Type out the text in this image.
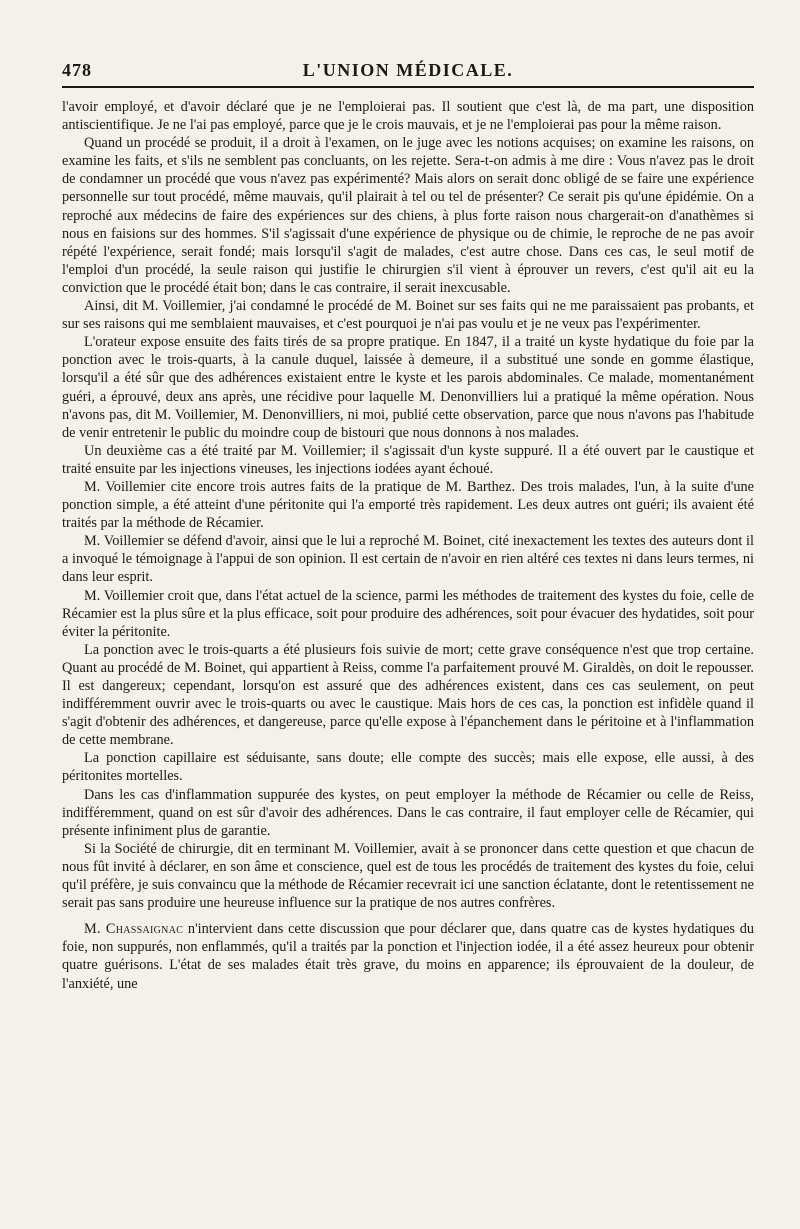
478	L'UNION MÉDICALE.

l'avoir employé, et d'avoir déclaré que je ne l'emploierai pas. Il soutient que c'est là, de ma part, une disposition antiscientifique. Je ne l'ai pas employé, parce que je le crois mauvais, et je ne l'emploierai pas pour la même raison.

Quand un procédé se produit, il a droit à l'examen, on le juge avec les notions acquises; on examine les raisons, on examine les faits, et s'ils ne semblent pas concluants, on les rejette. Sera-t-on admis à me dire : Vous n'avez pas le droit de condamner un procédé que vous n'avez pas expérimenté? Mais alors on serait donc obligé de se faire une expérience personnelle sur tout procédé, même mauvais, qu'il plairait à tel ou tel de présenter? Ce serait pis qu'une épidémie. On a reproché aux médecins de faire des expériences sur des chiens, à plus forte raison nous chargerait-on d'anathèmes si nous en faisions sur des hommes. S'il s'agissait d'une expérience de physique ou de chimie, le reproche de ne pas avoir répété l'expérience, serait fondé; mais lorsqu'il s'agit de malades, c'est autre chose. Dans ces cas, le seul motif de l'emploi d'un procédé, la seule raison qui justifie le chirurgien s'il vient à éprouver un revers, c'est qu'il ait eu la conviction que le procédé était bon; dans le cas contraire, il serait inexcusable.

Ainsi, dit M. Voillemier, j'ai condamné le procédé de M. Boinet sur ses faits qui ne me paraissaient pas probants, et sur ses raisons qui me semblaient mauvaises, et c'est pourquoi je n'ai pas voulu et je ne veux pas l'expérimenter.

L'orateur expose ensuite des faits tirés de sa propre pratique. En 1847, il a traité un kyste hydatique du foie par la ponction avec le trois-quarts, à la canule duquel, laissée à demeure, il a substitué une sonde en gomme élastique, lorsqu'il a été sûr que des adhérences existaient entre le kyste et les parois abdominales. Ce malade, momentanément guéri, a éprouvé, deux ans après, une récidive pour laquelle M. Denonvilliers lui a pratiqué la même opération. Nous n'avons pas, dit M. Voillemier, M. Denonvilliers, ni moi, publié cette observation, parce que nous n'avons pas l'habitude de venir entretenir le public du moindre coup de bistouri que nous donnons à nos malades.

Un deuxième cas a été traité par M. Voillemier; il s'agissait d'un kyste suppuré. Il a été ouvert par le caustique et traité ensuite par les injections vineuses, les injections iodées ayant échoué.

M. Voillemier cite encore trois autres faits de la pratique de M. Barthez. Des trois malades, l'un, à la suite d'une ponction simple, a été atteint d'une péritonite qui l'a emporté très rapidement. Les deux autres ont guéri; ils avaient été traités par la méthode de Récamier.

M. Voillemier se défend d'avoir, ainsi que le lui a reproché M. Boinet, cité inexactement les textes des auteurs dont il a invoqué le témoignage à l'appui de son opinion. Il est certain de n'avoir en rien altéré ces textes ni dans leurs termes, ni dans leur esprit.

M. Voillemier croit que, dans l'état actuel de la science, parmi les méthodes de traitement des kystes du foie, celle de Récamier est la plus sûre et la plus efficace, soit pour produire des adhérences, soit pour évacuer des hydatides, soit pour éviter la péritonite.

La ponction avec le trois-quarts a été plusieurs fois suivie de mort; cette grave conséquence n'est que trop certaine. Quant au procédé de M. Boinet, qui appartient à Reiss, comme l'a parfaitement prouvé M. Giraldès, on doit le repousser. Il est dangereux; cependant, lorsqu'on est assuré que des adhérences existent, dans ces cas seulement, on peut indifféremment ouvrir avec le trois-quarts ou avec le caustique. Mais hors de ces cas, la ponction est infidèle quand il s'agit d'obtenir des adhérences, et dangereuse, parce qu'elle expose à l'épanchement dans le péritoine et à l'inflammation de cette membrane.

La ponction capillaire est séduisante, sans doute; elle compte des succès; mais elle expose, elle aussi, à des péritonites mortelles.

Dans les cas d'inflammation suppurée des kystes, on peut employer la méthode de Récamier ou celle de Reiss, indifféremment, quand on est sûr d'avoir des adhérences. Dans le cas contraire, il faut employer celle de Récamier, qui présente infiniment plus de garantie.

Si la Société de chirurgie, dit en terminant M. Voillemier, avait à se prononcer dans cette question et que chacun de nous fût invité à déclarer, en son âme et conscience, quel est de tous les procédés de traitement des kystes du foie, celui qu'il préfère, je suis convaincu que la méthode de Récamier recevrait ici une sanction éclatante, dont le retentissement ne serait pas sans produire une heureuse influence sur la pratique de nos autres confrères.

M. Chassaignac n'intervient dans cette discussion que pour déclarer que, dans quatre cas de kystes hydatiques du foie, non suppurés, non enflammés, qu'il a traités par la ponction et l'injection iodée, il a été assez heureux pour obtenir quatre guérisons. L'état de ses malades était très grave, du moins en apparence; ils éprouvaient de la douleur, de l'anxiété, une
